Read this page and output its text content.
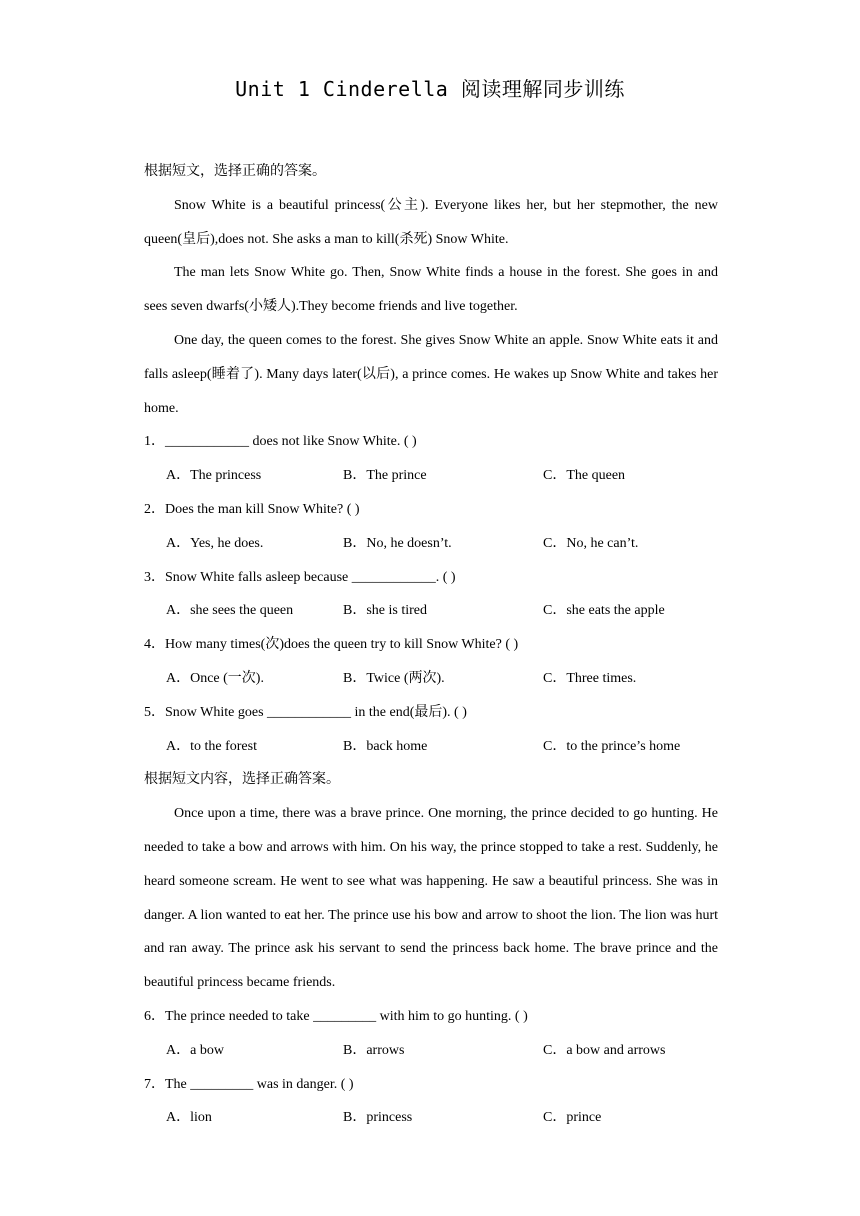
Unit 1 Cinderella 阅读理解同步训练

根据短文，选择正确的答案。

Snow White is a beautiful princess(公主). Everyone likes her, but her stepmother, the new queen(皇后),does not. She asks a man to kill(杀死) Snow White.

The man lets Snow White go. Then, Snow White finds a house in the forest. She goes in and sees seven dwarfs(小矮人).They become friends and live together.

One day, the queen comes to the forest. She gives Snow White an apple. Snow White eats it and falls asleep(睡着了). Many days later(以后), a prince comes. He wakes up Snow White and takes her home.

1．____________ does not like Snow White. ( )

A．The princess	B．The prince	C．The queen

2．Does the man kill Snow White? ( )

A．Yes, he does.	B．No, he doesn’t.	C．No, he can’t.

3．Snow White falls asleep because ____________. ( )

A．she sees the queen	B．she is tired	C．she eats the apple

4．How many times(次)does the queen try to kill Snow White? ( )

A．Once (一次).	B．Twice (两次).	C．Three times.

5．Snow White goes ____________ in the end(最后). ( )

A．to the forest	B．back home	C．to the prince’s home

根据短文内容，选择正确答案。

Once upon a time, there was a brave prince. One morning, the prince decided to go hunting. He needed to take a bow and arrows with him. On his way, the prince stopped to take a rest. Suddenly, he heard someone scream. He went to see what was happening. He saw a beautiful princess. She was in danger. A lion wanted to eat her. The prince use his bow and arrow to shoot the lion. The lion was hurt and ran away. The prince ask his servant to send the princess back home. The brave prince and the beautiful princess became friends.

6．The prince needed to take _________ with him to go hunting. ( )

A．a bow	B．arrows	C．a bow and arrows

7．The _________ was in danger. ( )

A．lion	B．princess	C．prince
